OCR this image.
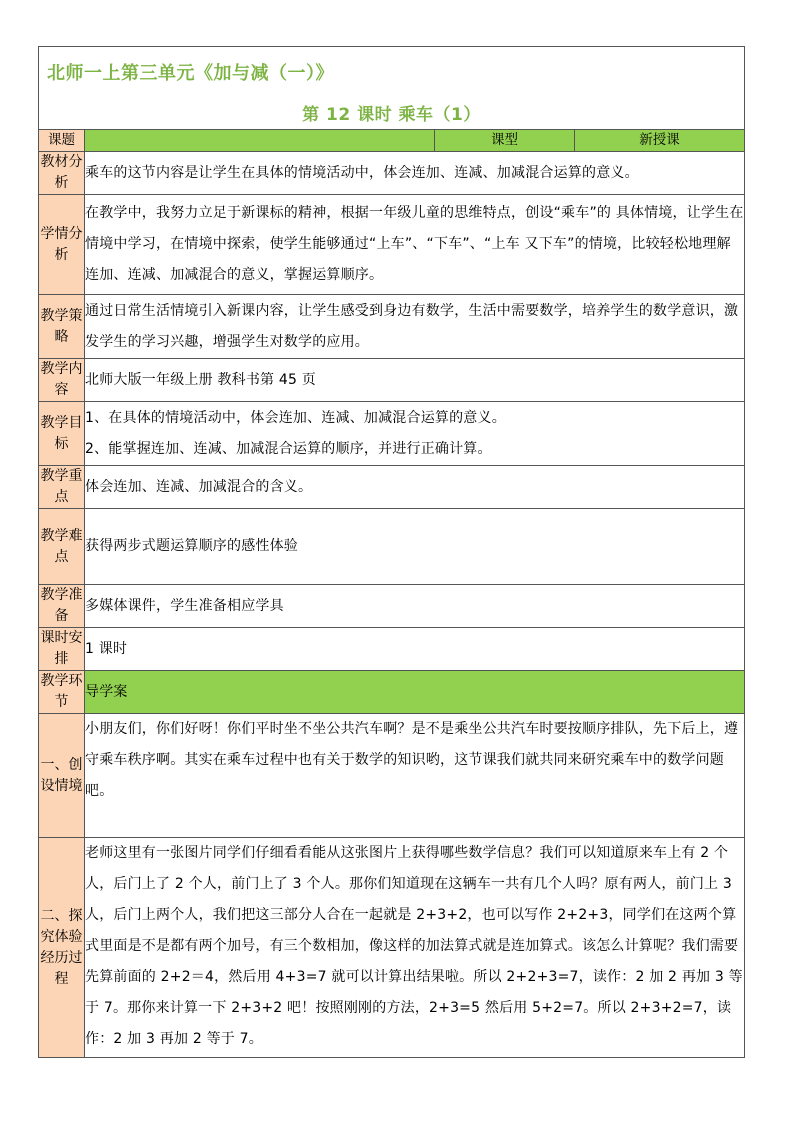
北师一上第三单元《加与减（一）》
第 12 课时 乘车（1）			

课题		课型	新授课
教材分析	乘车的这节内容是让学生在具体的情境活动中，体会连加、连减、加减混合运算的意义。		
学情分析	在教学中，我努力立足于新课标的精神，根据一年级儿童的思维特点，创设“乘车”的 具体情境，让学生在情境中学习，在情境中探索，使学生能够通过“上车”、“下车”、“上车 又下车”的情境，比较轻松地理解连加、连减、加减混合的意义，掌握运算顺序。		
教学策略	通过日常生活情境引入新课内容，让学生感受到身边有数学，生活中需要数学，培养学生的数学意识，激发学生的学习兴趣，增强学生对数学的应用。		
教学内容	北师大版一年级上册 教科书第 45 页		
教学目标	1、在具体的情境活动中，体会连加、连减、加减混合运算的意义。
2、能掌握连加、连减、加减混合运算的顺序，并进行正确计算。		

教学重点	体会连加、连减、加减混合的含义。		
教学难点	获得两步式题运算顺序的感性体验		
教学准备	多媒体课件，学生准备相应学具		
课时安排	1 课时		
教学环节	导学案		
一、创设情境	小朋友们，你们好呀！你们平时坐不坐公共汽车啊？是不是乘坐公共汽车时要按顺序排队，先下后上，遵守乘车秩序啊。其实在乘车过程中也有关于数学的知识哟，这节课我们就共同来研究乘车中的数学问题吧。		
二、探究体验经历过程	老师这里有一张图片同学们仔细看看能从这张图片上获得哪些数学信息？我们可以知道原来车上有 2 个人，后门上了 2 个人，前门上了 3 个人。那你们知道现在这辆车一共有几个人吗？原有两人，前门上 3 人，后门上两个人，我们把这三部分人合在一起就是 2+3+2，也可以写作 2+2+3，同学们在这两个算式里面是不是都有两个加号，有三个数相加，像这样的加法算式就是连加算式。该怎么计算呢？我们需要先算前面的 2+2＝4，然后用 4+3=7 就可以计算出结果啦。所以 2+2+3=7，读作：2 加 2 再加 3 等于 7。那你来计算一下 2+3+2 吧！按照刚刚的方法，2+3=5 然后用 5+2=7。所以 2+3+2=7，读作：2 加 3 再加 2 等于 7。		
